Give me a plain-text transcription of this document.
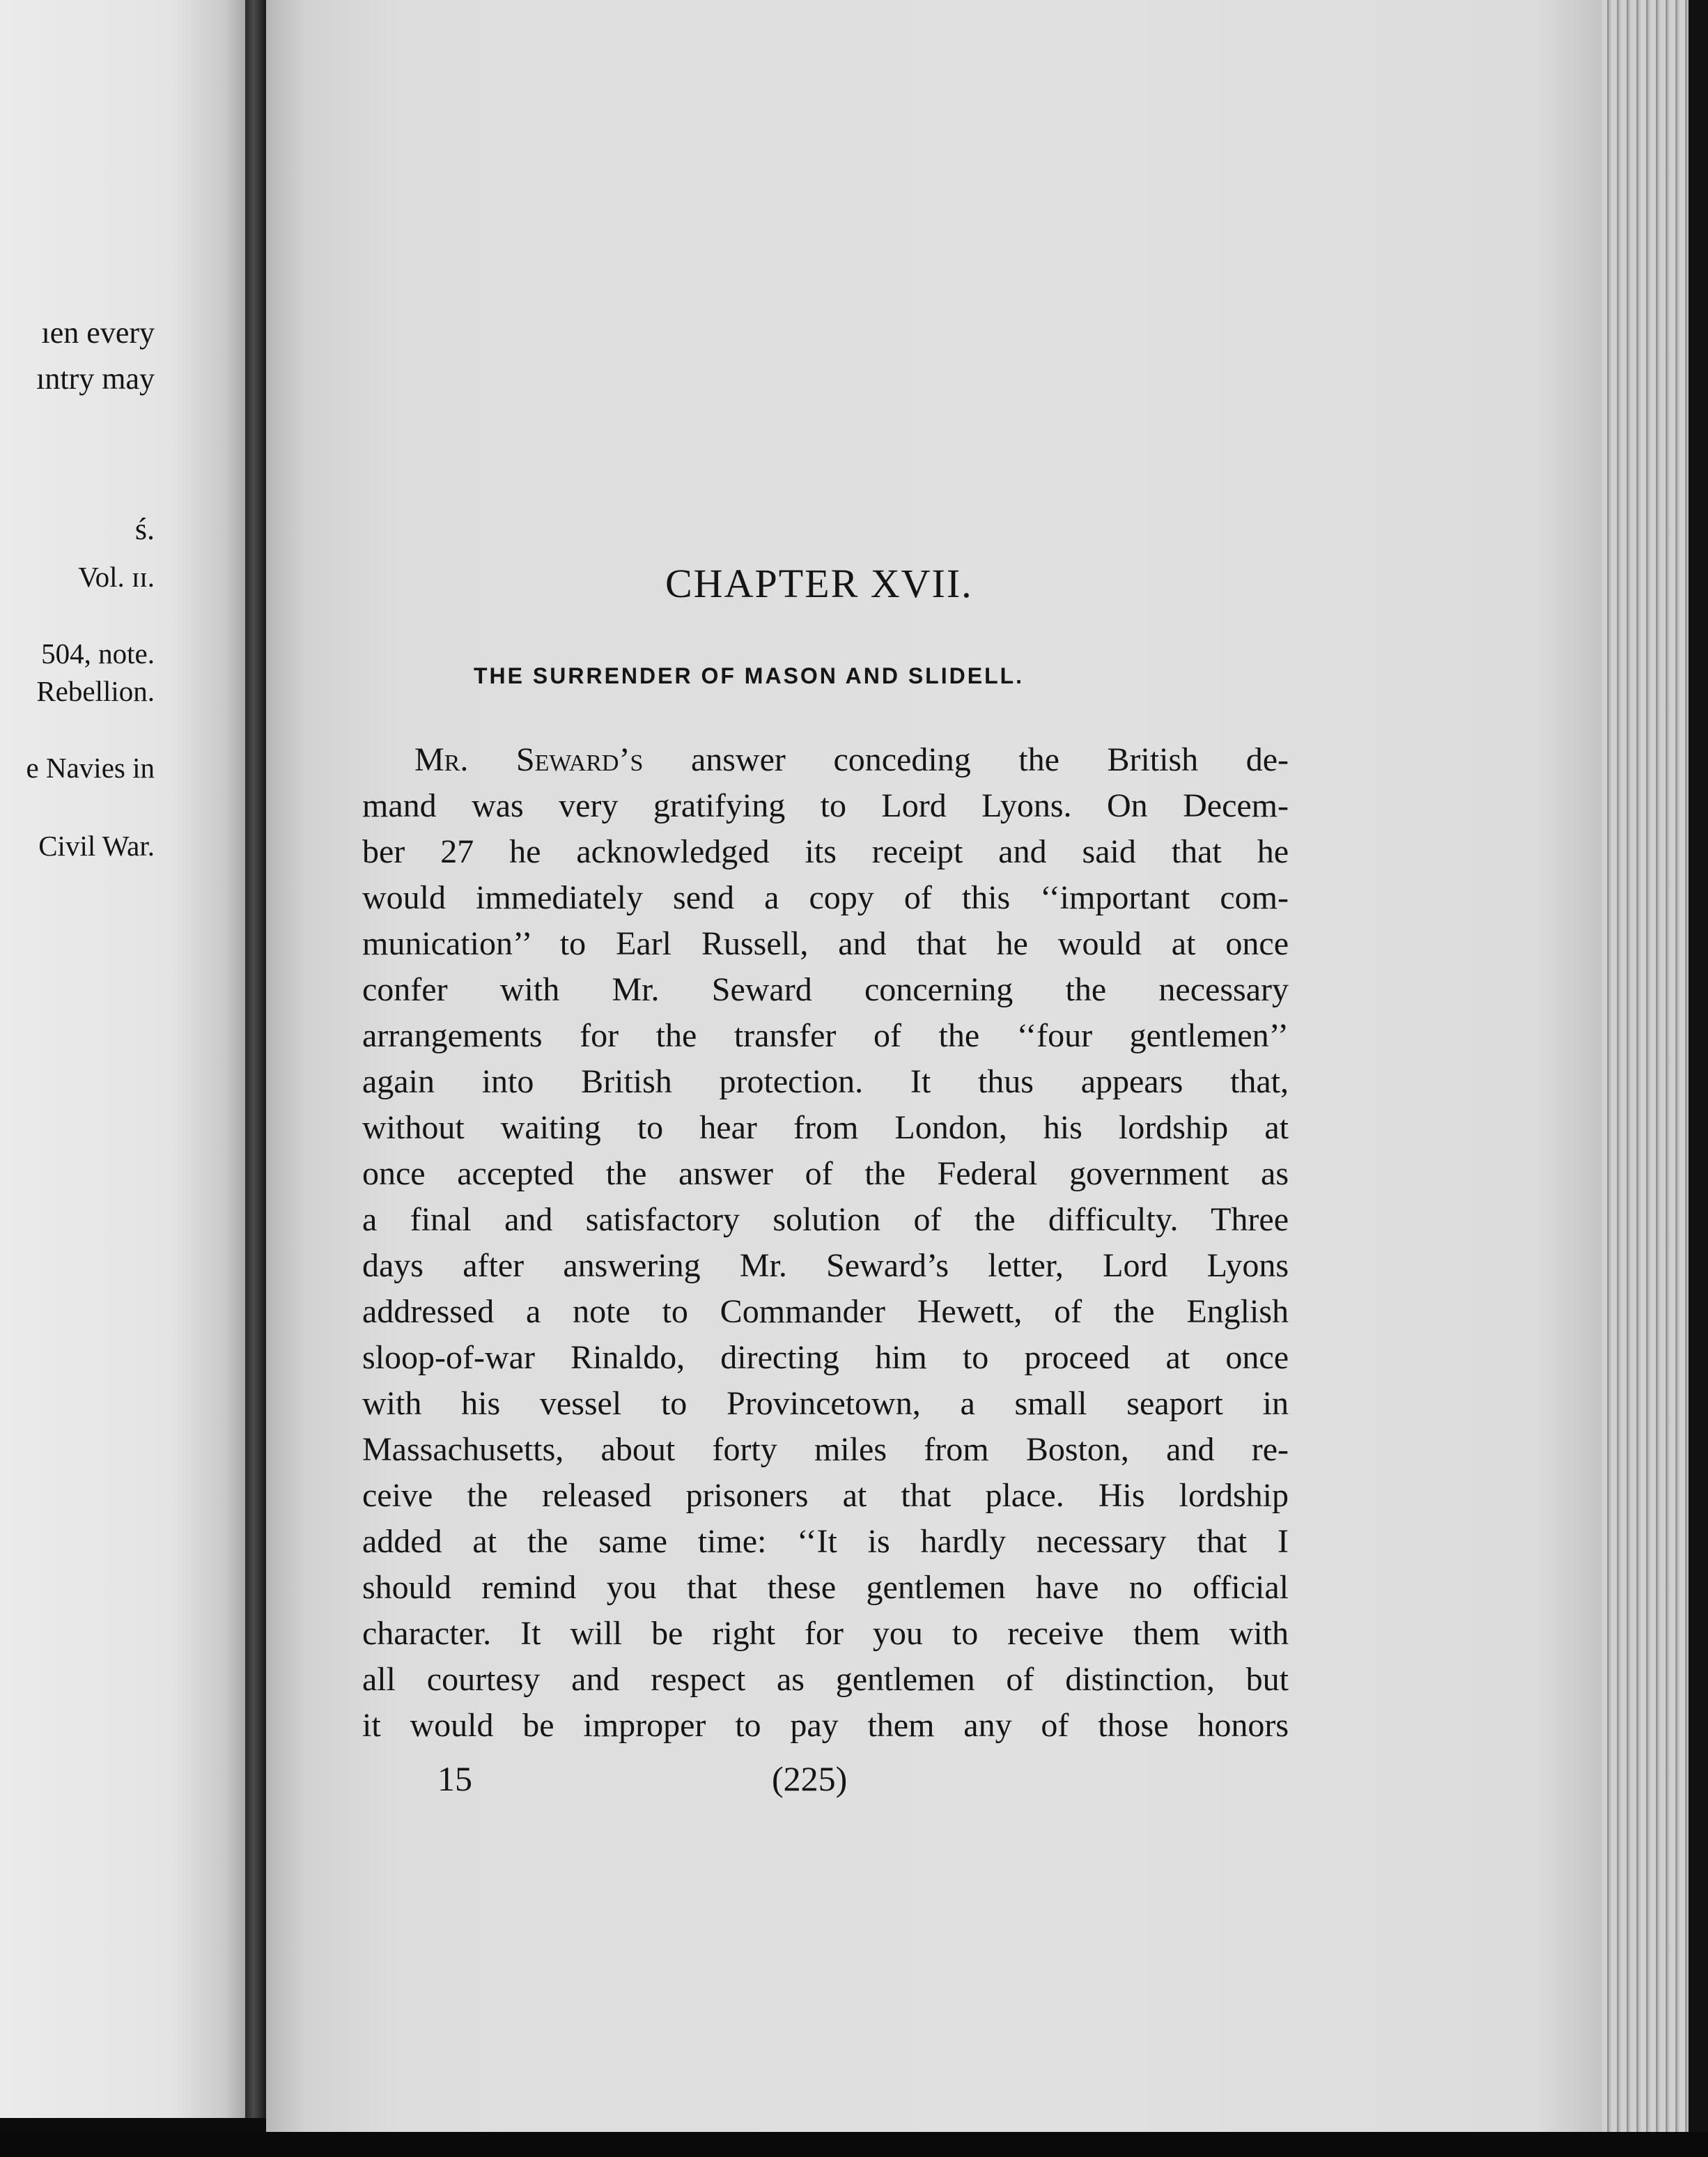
ıen every
ıntry may
ś.
Vol. ɪɪ.
504, note.
Rebellion.
e Navies in
Civil War.
CHAPTER XVII.
THE SURRENDER OF MASON AND SLIDELL.
Mr. Seward’s answer conceding the British de-
mand was very gratifying to Lord Lyons. On Decem-
ber 27 he acknowledged its receipt and said that he
would immediately send a copy of this ‘‘important com-
munication’’ to Earl Russell, and that he would at once
confer with Mr. Seward concerning the necessary
arrangements for the transfer of the ‘‘four gentlemen’’
again into British protection. It thus appears that,
without waiting to hear from London, his lordship at
once accepted the answer of the Federal government as
a final and satisfactory solution of the difficulty. Three
days after answering Mr. Seward’s letter, Lord Lyons
addressed a note to Commander Hewett, of the English
sloop-of-war Rinaldo, directing him to proceed at once
with his vessel to Provincetown, a small seaport in
Massachusetts, about forty miles from Boston, and re-
ceive the released prisoners at that place. His lordship
added at the same time: ‘‘It is hardly necessary that I
should remind you that these gentlemen have no official
character. It will be right for you to receive them with
all courtesy and respect as gentlemen of distinction, but
it would be improper to pay them any of those honors

15	(225)
